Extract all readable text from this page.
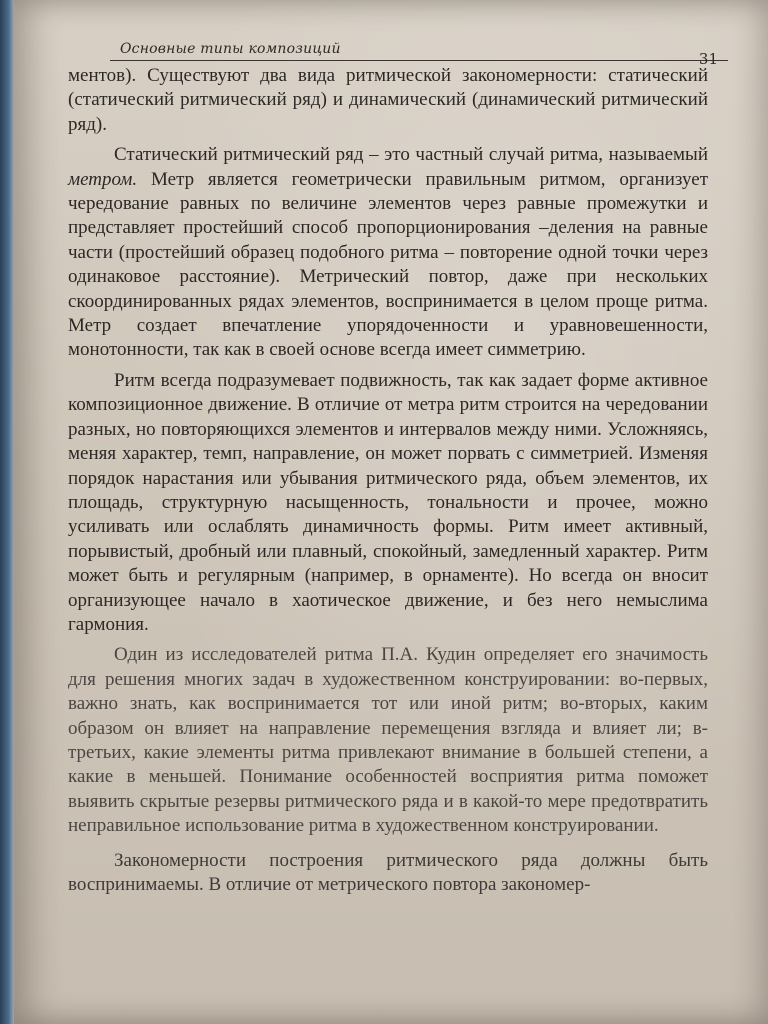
Основные типы композиций
31

ментов). Существуют два вида ритмической закономерности: статический (статический ритмический ряд) и динамический (динамический ритмический ряд).

Статический ритмический ряд – это частный случай ритма, называемый метром. Метр является геометрически правильным ритмом, организует чередование равных по величине элементов через равные промежутки и представляет простейший способ пропорционирования –деления на равные части (простейший образец подобного ритма – повторение одной точки через одинаковое расстояние). Метрический повтор, даже при нескольких скоординированных рядах элементов, воспринимается в целом проще ритма. Метр создает впечатление упорядоченности и уравновешенности, монотонности, так как в своей основе всегда имеет симметрию.

Ритм всегда подразумевает подвижность, так как задает форме активное композиционное движение. В отличие от метра ритм строится на чередовании разных, но повторяющихся элементов и интервалов между ними. Усложняясь, меняя характер, темп, направление, он может порвать с симметрией. Изменяя порядок нарастания или убывания ритмического ряда, объем элементов, их площадь, структурную насыщенность, тональности и прочее, можно усиливать или ослаблять динамичность формы. Ритм имеет активный, порывистый, дробный или плавный, спокойный, замедленный характер. Ритм может быть и регулярным (например, в орнаменте). Но всегда он вносит организующее начало в хаотическое движение, и без него немыслима гармония.

Один из исследователей ритма П.А. Кудин определяет его значимость для решения многих задач в художественном конструировании: во-первых, важно знать, как воспринимается тот или иной ритм; во-вторых, каким образом он влияет на направление перемещения взгляда и влияет ли; в-третьих, какие элементы ритма привлекают внимание в большей степени, а какие в меньшей. Понимание особенностей восприятия ритма поможет выявить скрытые резервы ритмического ряда и в какой-то мере предотвратить неправильное использование ритма в художественном конструировании.

Закономерности построения ритмического ряда должны быть воспринимаемы. В отличие от метрического повтора закономер-
